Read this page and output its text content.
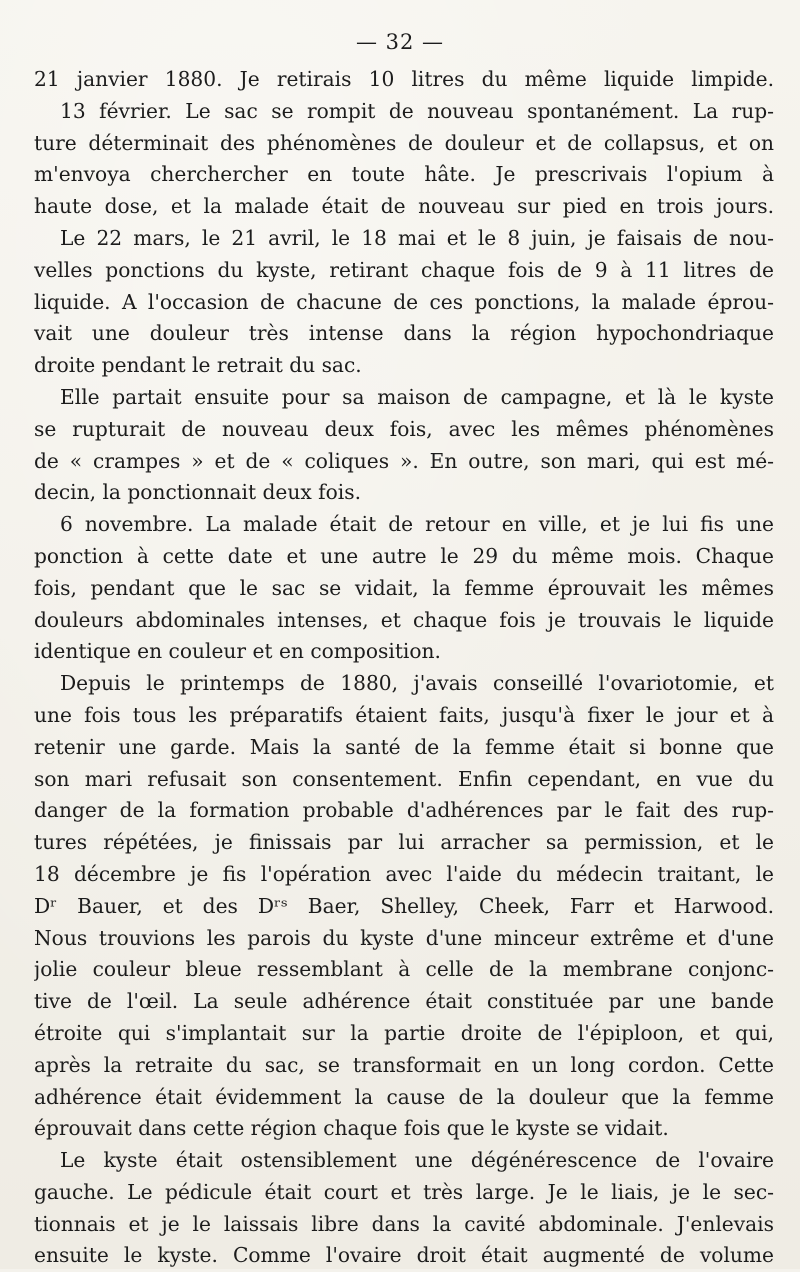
— 32 —
21 janvier 1880. Je retirais 10 litres du même liquide limpide.
13 février. Le sac se rompit de nouveau spontanément. La rup-
ture déterminait des phénomènes de douleur et de collapsus, et on
m'envoya cherchercher en toute hâte. Je prescrivais l'opium à
haute dose, et la malade était de nouveau sur pied en trois jours.
Le 22 mars, le 21 avril, le 18 mai et le 8 juin, je faisais de nou-
velles ponctions du kyste, retirant chaque fois de 9 à 11 litres de
liquide. A l'occasion de chacune de ces ponctions, la malade éprou-
vait une douleur très intense dans la région hypochondriaque
droite pendant le retrait du sac.
Elle partait ensuite pour sa maison de campagne, et là le kyste
se rupturait de nouveau deux fois, avec les mêmes phénomènes
de « crampes » et de « coliques ». En outre, son mari, qui est mé-
decin, la ponctionnait deux fois.
6 novembre. La malade était de retour en ville, et je lui fis une
ponction à cette date et une autre le 29 du même mois. Chaque
fois, pendant que le sac se vidait, la femme éprouvait les mêmes
douleurs abdominales intenses, et chaque fois je trouvais le liquide
identique en couleur et en composition.
Depuis le printemps de 1880, j'avais conseillé l'ovariotomie, et
une fois tous les préparatifs étaient faits, jusqu'à fixer le jour et à
retenir une garde. Mais la santé de la femme était si bonne que
son mari refusait son consentement. Enfin cependant, en vue du
danger de la formation probable d'adhérences par le fait des rup-
tures répétées, je finissais par lui arracher sa permission, et le
18 décembre je fis l'opération avec l'aide du médecin traitant, le
Dʳ Bauer, et des Dʳˢ Baer, Shelley, Cheek, Farr et Harwood.
Nous trouvions les parois du kyste d'une minceur extrême et d'une
jolie couleur bleue ressemblant à celle de la membrane conjonc-
tive de l'œil. La seule adhérence était constituée par une bande
étroite qui s'implantait sur la partie droite de l'épiploon, et qui,
après la retraite du sac, se transformait en un long cordon. Cette
adhérence était évidemment la cause de la douleur que la femme
éprouvait dans cette région chaque fois que le kyste se vidait.
Le kyste était ostensiblement une dégénérescence de l'ovaire
gauche. Le pédicule était court et très large. Je le liais, je le sec-
tionnais et je le laissais libre dans la cavité abdominale. J'enlevais
ensuite le kyste. Comme l'ovaire droit était augmenté de volume
